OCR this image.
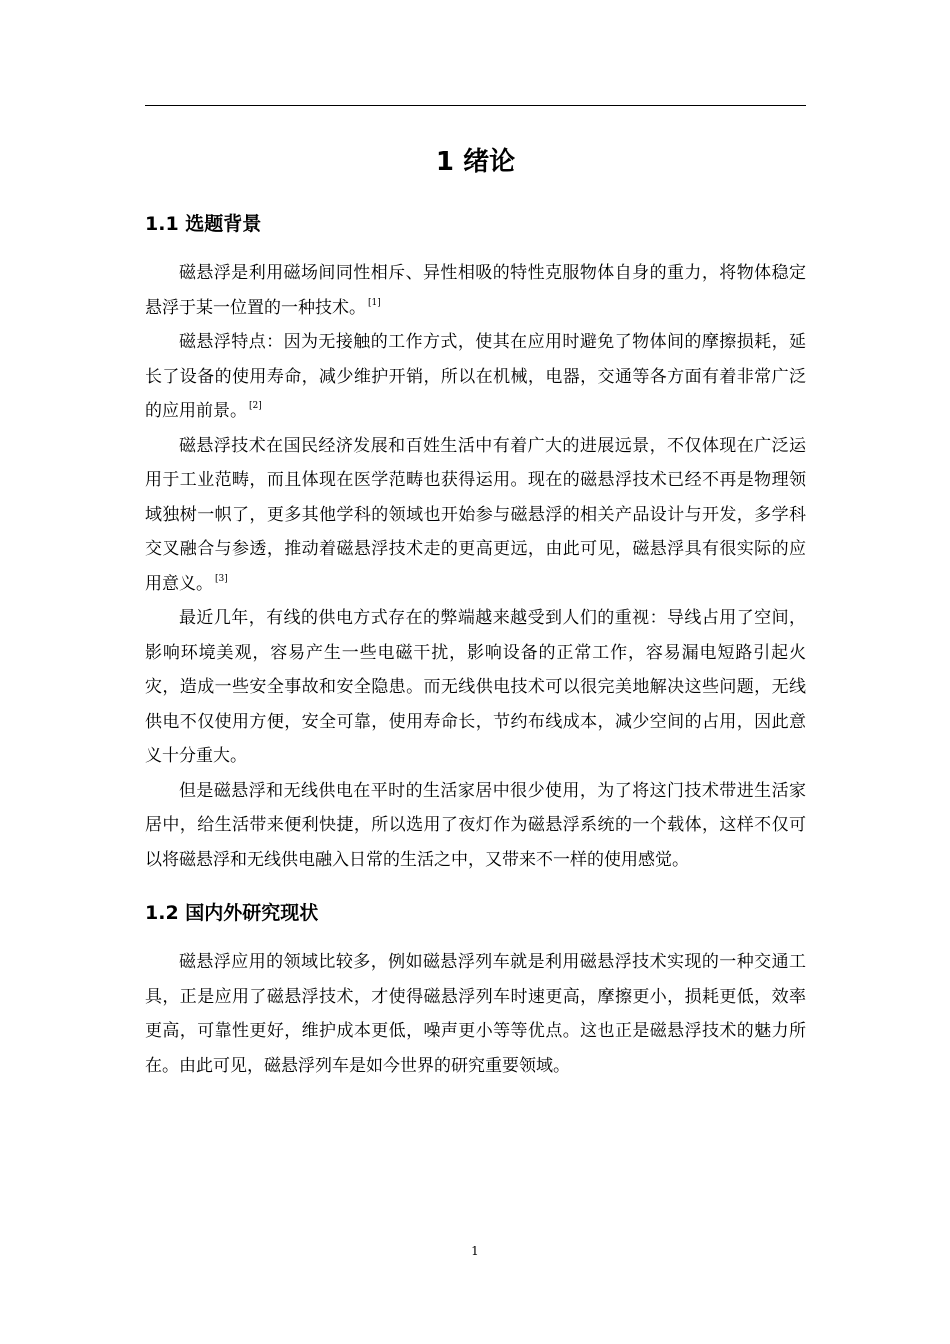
1 绪论
1.1 选题背景

磁悬浮是利用磁场间同性相斥、异性相吸的特性克服物体自身的重力，将物体稳定悬浮于某一位置的一种技术。 [1]

磁悬浮特点：因为无接触的工作方式，使其在应用时避免了物体间的摩擦损耗，延长了设备的使用寿命，减少维护开销，所以在机械，电器，交通等各方面有着非常广泛的应用前景。 [2]

磁悬浮技术在国民经济发展和百姓生活中有着广大的进展远景，不仅体现在广泛运用于工业范畴，而且体现在医学范畴也获得运用。现在的磁悬浮技术已经不再是物理领域独树一帜了，更多其他学科的领域也开始参与磁悬浮的相关产品设计与开发，多学科交叉融合与参透，推动着磁悬浮技术走的更高更远，由此可见，磁悬浮具有很实际的应用意义。 [3]

最近几年，有线的供电方式存在的弊端越来越受到人们的重视：导线占用了空间，影响环境美观，容易产生一些电磁干扰，影响设备的正常工作，容易漏电短路引起火灾，造成一些安全事故和安全隐患。而无线供电技术可以很完美地解决这些问题，无线供电不仅使用方便，安全可靠，使用寿命长，节约布线成本，减少空间的占用，因此意义十分重大。

但是磁悬浮和无线供电在平时的生活家居中很少使用，为了将这门技术带进生活家居中，给生活带来便利快捷，所以选用了夜灯作为磁悬浮系统的一个载体，这样不仅可以将磁悬浮和无线供电融入日常的生活之中，又带来不一样的使用感觉。

1.2 国内外研究现状

磁悬浮应用的领域比较多，例如磁悬浮列车就是利用磁悬浮技术实现的一种交通工具，正是应用了磁悬浮技术，才使得磁悬浮列车时速更高，摩擦更小，损耗更低，效率更高，可靠性更好，维护成本更低，噪声更小等等优点。这也正是磁悬浮技术的魅力所在。由此可见，磁悬浮列车是如今世界的研究重要领域。

1
